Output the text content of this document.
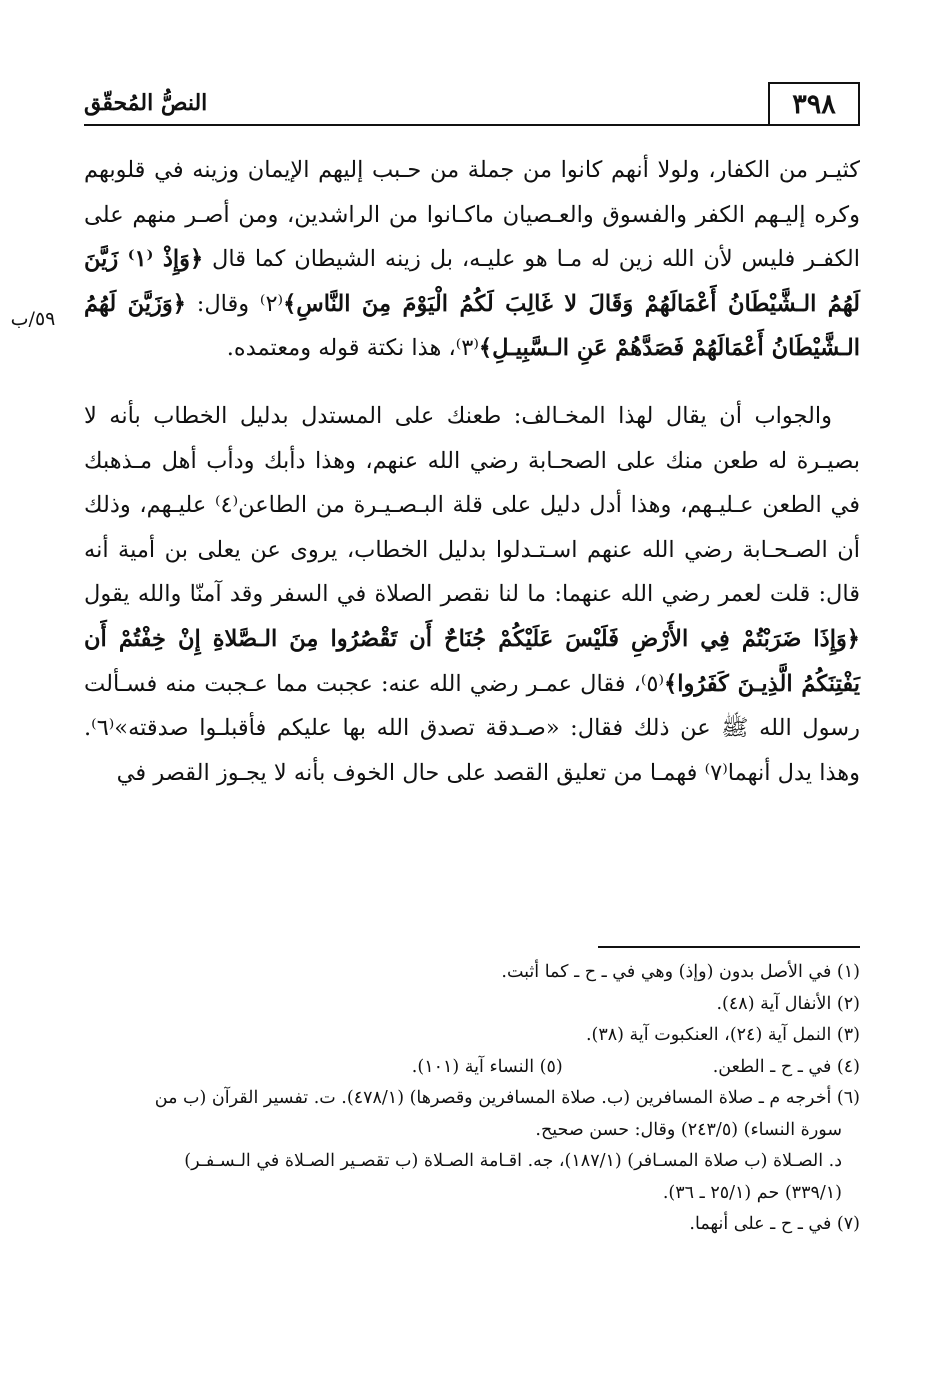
٣٩٨
النصُّ المُحقّق
٥٩/ب

كثيـر من الكفار، ولولا أنهم كانوا من جملة من حـبب إليهم الإيمان وزينه في قلوبهم وكره إليـهم الكفر والفسوق والعـصيان ماكـانوا من الراشدين، ومن أصـر منهم على الكفـر فليس لأن الله زين له مـا هو عليـه، بل زينه الشيطان كما قال ﴿وَإِذْ ⁽١⁾ زَيَّنَ لَهُمُ الـشَّيْطَانُ أَعْمَالَهُمْ وَقَالَ لا غَالِبَ لَكُمُ الْيَوْمَ مِنَ النَّاسِ﴾⁽٢⁾ وقال: ﴿وَزَيَّنَ لَهُمُ الـشَّيْطَانُ أَعْمَالَهُمْ فَصَدَّهُمْ عَنِ الـسَّبِيـلِ﴾⁽٣⁾، هذا نكتة قوله ومعتمده.

والجواب أن يقال لهذا المخـالف: طعنك على المستدل بدليل الخطاب بأنه لا بصيـرة له طعن منك على الصحـابة رضي الله عنهم، وهذا دأبك ودأب أهل مـذهبك في الطعن عـليـهم، وهذا أدل دليل على قلة البـصـيـرة من الطاعن⁽٤⁾ عليـهم، وذلك أن الصـحـابة رضي الله عنهم اسـتـدلوا بدليل الخطاب، يروى عن يعلى بن أمية أنه قال: قلت لعمر رضي الله عنهما: ما لنا نقصر الصلاة في السفر وقد آمنّا والله يقول ﴿وَإِذَا ضَرَبْتُمْ فِي الأَرْضِ فَلَيْسَ عَلَيْكُمْ جُنَاحٌ أَن تَقْصُرُوا مِنَ الـصَّلاةِ إِنْ خِفْتُمْ أَن يَفْتِنَكُمُ الَّذِيـنَ كَفَرُوا﴾⁽٥⁾، فقال عمـر رضي الله عنه: عجبت مما عـجبت منه فسـألت رسول الله ﷺ عن ذلك فقال: «صـدقة تصدق الله بها عليكم فأقبلـوا صدقته»⁽٦⁾. وهذا يدل أنهما⁽٧⁾ فهمـا من تعليق القصد على حال الخوف بأنه لا يجـوز القصر في

(١) في الأصل بدون (وإذ) وهي في ـ ح ـ كما أثبت.

(٢) الأنفال آية (٤٨).

(٣) النمل آية (٢٤)، العنكبوت آية (٣٨).

(٤) في ـ ح ـ الطعن.
(٥) النساء آية (١٠١).

(٦) أخرجه م ـ صلاة المسافرين (ب. صلاة المسافرين وقصرها) (٤٧٨/١). ت. تفسير القرآن (ب من

سورة النساء) (٢٤٣/٥) وقال: حسن صحيح.

د. الصـلاة (ب صلاة المسـافر) (١٨٧/١)، جه. اقـامة الصـلاة (ب تقصـير الصـلاة في الـسـفـر)

(٣٣٩/١) حم (٢٥/١ ـ ٣٦).

(٧) في ـ ح ـ على أنهما.
